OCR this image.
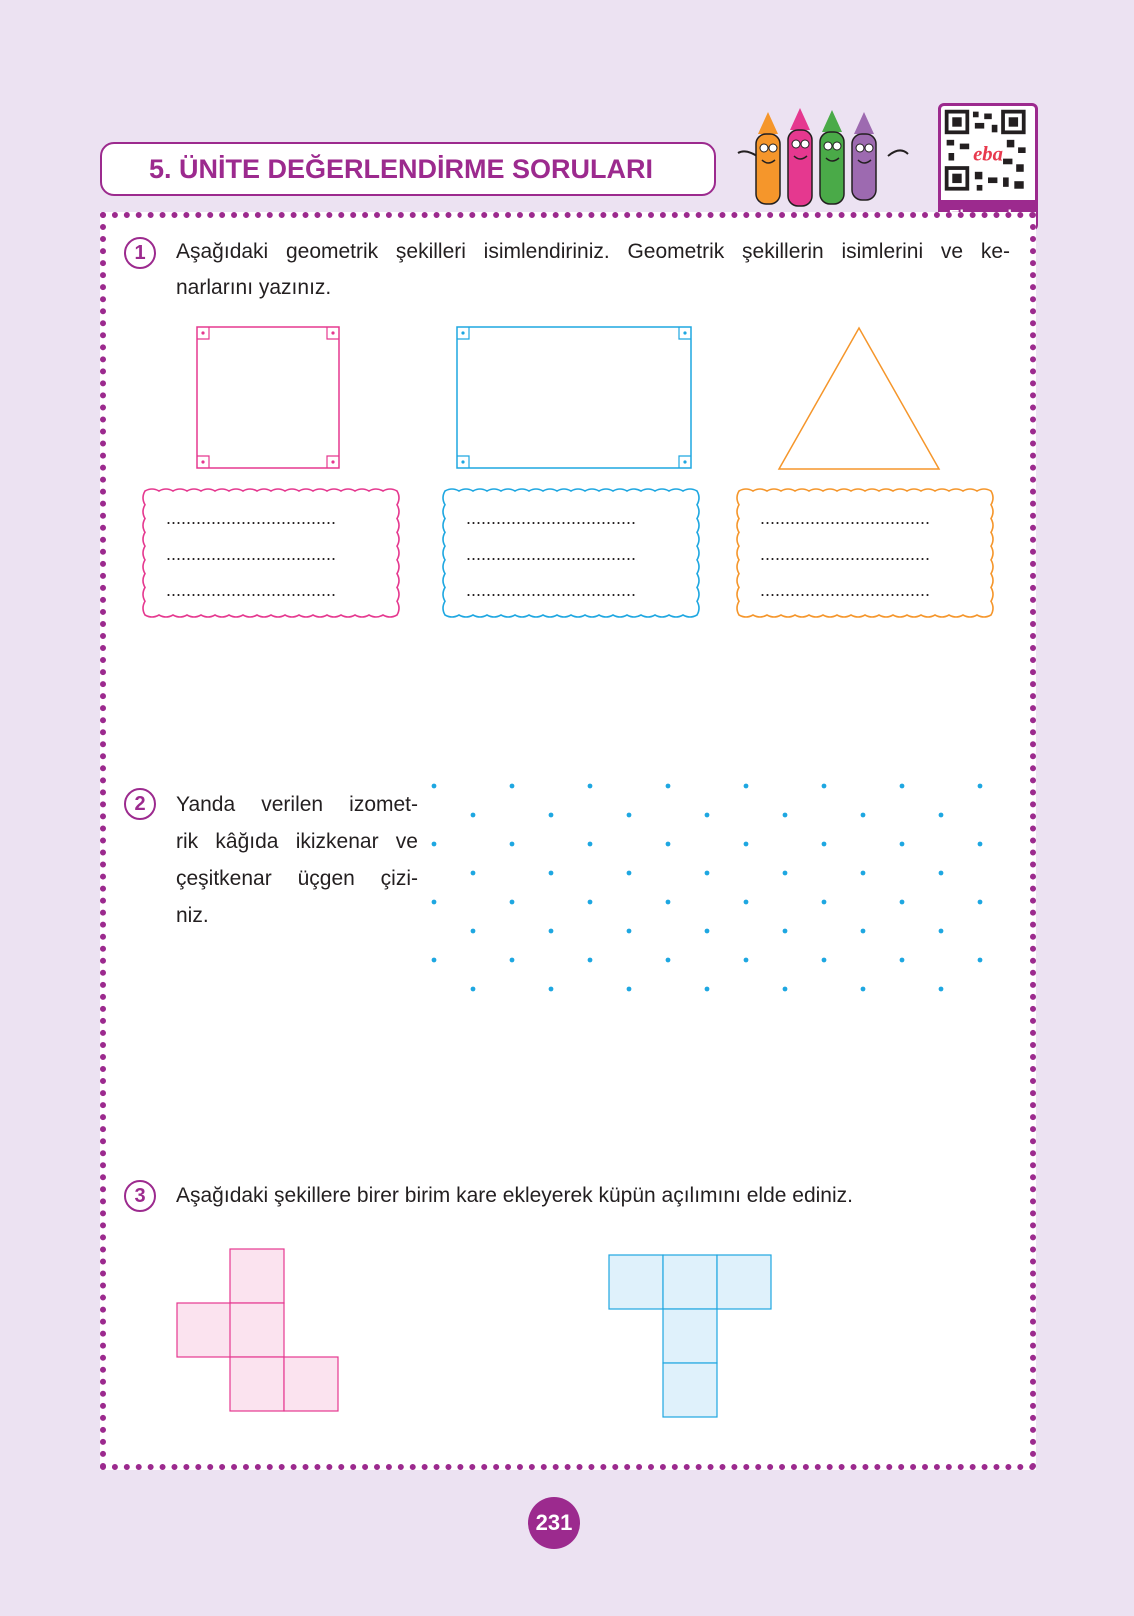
5. ÜNİTE DEĞERLENDİRME SORULARI	eba
1	Aşağıdaki geometrik şekilleri isimlendiriniz. Geometrik şekillerin isimlerini ve ke-
narlarını yazınız.
..................................
..................................
..................................
..................................
..................................
..................................
..................................
..................................
..................................
2	Yanda verilen izomet-
rik kâğıda ikizkenar ve
çeşitkenar üçgen çizi-
niz.
3	Aşağıdaki şekillere birer birim kare ekleyerek küpün açılımını elde ediniz.
231
